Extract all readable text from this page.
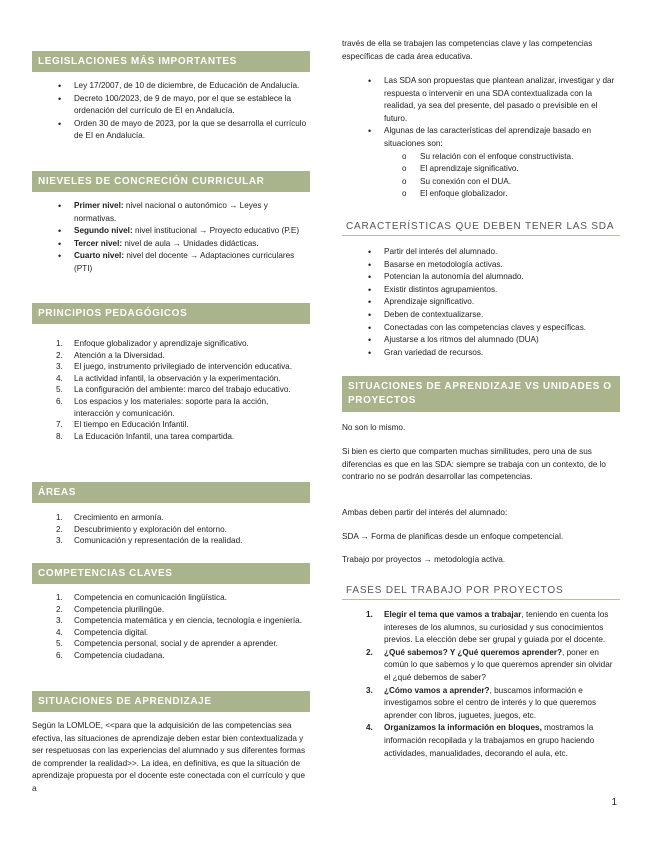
LEGISLACIONES MÁS IMPORTANTES
• Ley 17/2007, de 10 de diciembre, de Educación de Andalucía.
• Decreto 100/2023, de 9 de mayo, por el que se establece la ordenación del currículo de EI en Andalucía.
• Orden 30 de mayo de 2023, por la que se desarrolla el currículo de EI en Andalucía.
NIEVELES DE CONCRECIÓN CURRICULAR
• Primer nivel: nivel nacional o autonómico → Leyes y normativas.
• Segundo nivel: nivel institucional → Proyecto educativo (P.E)
• Tercer nivel: nivel de aula → Unidades didácticas.
• Cuarto nivel: nivel del docente → Adaptaciones curriculares (PTI)
PRINCIPIOS PEDAGÓGICOS
1. Enfoque globalizador y aprendizaje significativo.
2. Atención a la Diversidad.
3. El juego, instrumento privilegiado de intervención educativa.
4. La actividad infantil, la observación y la experimentación.
5. La configuración del ambiente: marco del trabajo educativo.
6. Los espacios y los materiales: soporte para la acción, interacción y comunicación.
7. El tiempo en Educación Infantil.
8. La Educación Infantil, una tarea compartida.
ÁREAS
1. Crecimiento en armonía.
2. Descubrimiento y exploración del entorno.
3. Comunicación y representación de la realidad.
COMPETENCIAS CLAVES
1. Competencia en comunicación lingüística.
2. Competencia plurilingüe.
3. Competencia matemática y en ciencia, tecnología e ingeniería.
4. Competencia digital.
5. Competencia personal, social y de aprender a aprender.
6. Competencia ciudadana.
SITUACIONES DE APRENDIZAJE

Según la LOMLOE, <<para que la adquisición de las competencias sea efectiva, las situaciones de aprendizaje deben estar bien contextualizada y ser respetuosas con las experiencias del alumnado y sus diferentes formas de comprender la realidad>>. La idea, en definitiva, es que la situación de aprendizaje propuesta por el docente este conectada con el currículo y que a

través de ella se trabajen las competencias clave y las competencias específicas de cada área educativa.

• Las SDA son propuestas que plantean analizar, investigar y dar respuesta o intervenir en una SDA contextualizada con la realidad, ya sea del presente, del pasado o previsible en el futuro.
• Algunas de las características del aprendizaje basado en situaciones son:
o Su relación con el enfoque constructivista.
o El aprendizaje significativo.
o Su conexión con el DUA.
o El enfoque globalizador.
CARACTERÍSTICAS QUE DEBEN TENER LAS SDA
• Partir del interés del alumnado.
• Basarse en metodología activas.
• Potencian la autonomía del alumnado.
• Existir distintos agrupamientos.
• Aprendizaje significativo.
• Deben de contextualizarse.
• Conectadas con las competencias claves y específicas.
• Ajustarse a los ritmos del alumnado (DUA)
• Gran variedad de recursos.
SITUACIONES DE APRENDIZAJE VS UNIDADES O PROYECTOS

No son lo mismo.

Si bien es cierto que comparten muchas similitudes, pero una de sus diferencias es que en las SDA: siempre se trabaja con un contexto, de lo contrario no se podrán desarrollar las competencias.

Ambas deben partir del interés del alumnado:

SDA → Forma de planificas desde un enfoque competencial.

Trabajo por proyectos → metodología activa.

FASES DEL TRABAJO POR PROYECTOS
1. Elegir el tema que vamos a trabajar, teniendo en cuenta los intereses de los alumnos, su curiosidad y sus conocimientos previos. La elección debe ser grupal y guiada por el docente.
2. ¿Qué sabemos? Y ¿Qué queremos aprender?, poner en común lo que sabemos y lo que queremos aprender sin olvidar el ¿qué debemos de saber?
3. ¿Cómo vamos a aprender?, buscamos información e investigamos sobre el centro de interés y lo que queremos aprender con libros, juguetes, juegos, etc.
4. Organizamos la información en bloques, mostramos la información recopilada y la trabajamos en grupo haciendo actividades, manualidades, decorando el aula, etc.
1
